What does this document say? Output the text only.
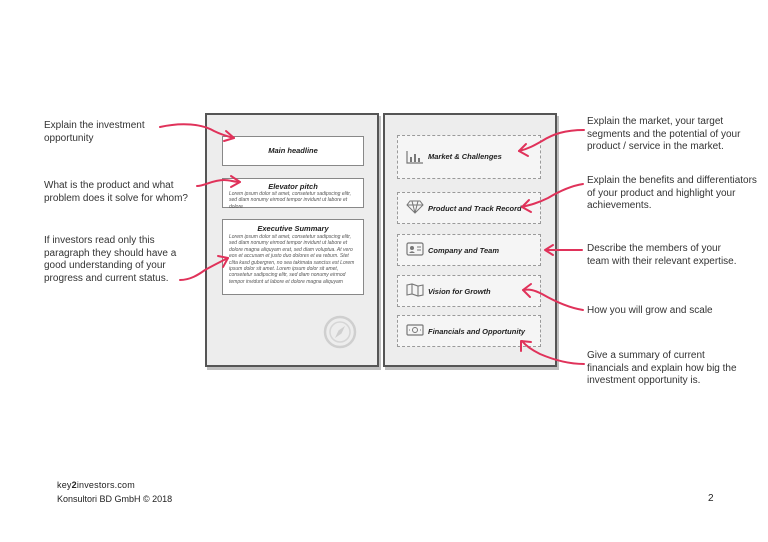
Explain the investment opportunity
What is the product and what problem does it solve for whom?
If investors read only this paragraph they should have a good understanding of your progress and current status.
Main headline
Elevator pitch
Lorem ipsum dolor sit amet, consetetur sadipscing elitr, sed diam nonumy eirmod tempor invidunt ut labore et dolore
Executive Summary
Lorem ipsum dolor sit amet, consetetur sadipscing elitr, sed diam nonumy eirmod tempor invidunt ut labore et dolore magna aliquyam erat, sed diam voluptua. At vero eos et accusam et justo duo dolores et ea rebum. Stet clita kasd gubergren, no sea takimata sanctus est Lorem ipsum dolor sit amet. Lorem ipsum dolor sit amet, consetetur sadipscing elitr, sed diam nonumy eirmod tempor invidunt ut labore et dolore magna aliquyam
Market & Challenges
Product and Track Record
Company and Team
Vision for Growth
Financials and Opportunity
Explain the market, your target segments and the potential of your product / service in the market.
Explain the benefits and differentiators of your product and highlight your achievements.
Describe the members of your team with their relevant expertise.
How you will grow and scale
Give a summary of current financials and explain how big the investment opportunity is.
key2investors.com
Konsultori BD GmbH © 2018	2
